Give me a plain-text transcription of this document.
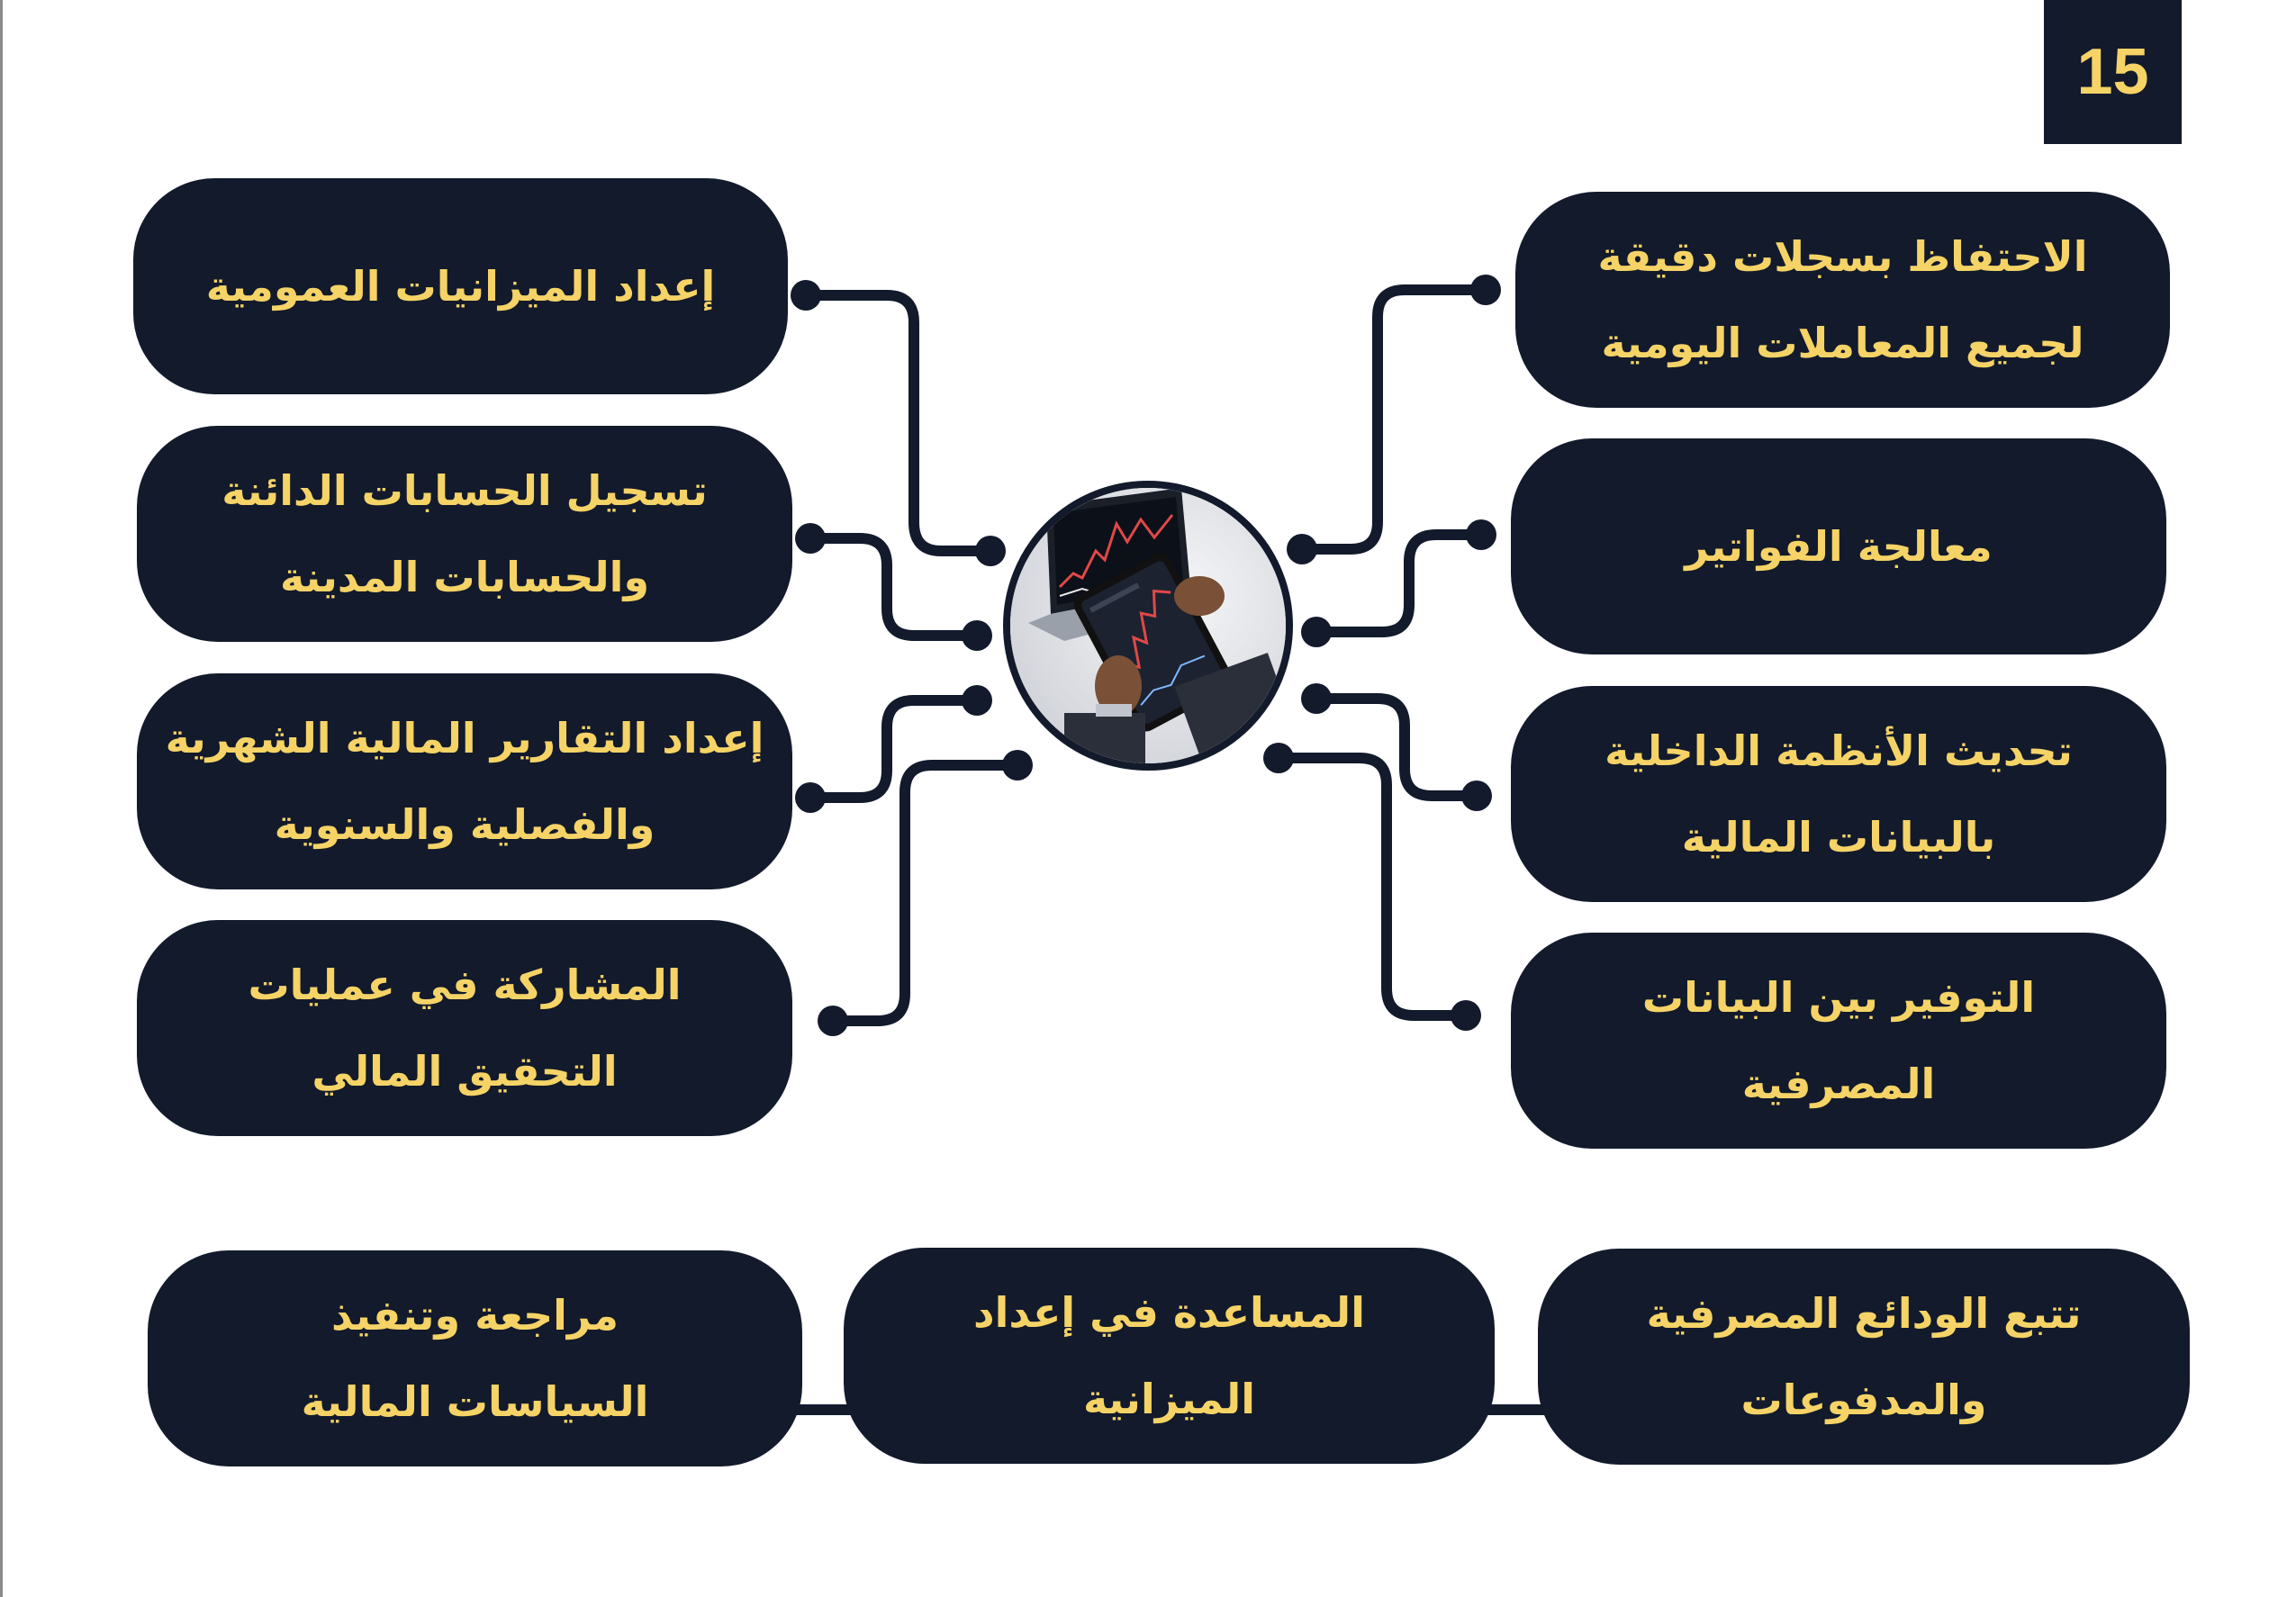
15
إعداد الميزانيات العمومية
تسجيل الحسابات الدائنة
والحسابات المدينة
إعداد التقارير المالية الشهرية
والفصلية والسنوية
المشاركة في عمليات
التحقيق المالي
الاحتفاظ بسجلات دقيقة
لجميع المعاملات اليومية
معالجة الفواتير
تحديث الأنظمة الداخلية
بالبيانات المالية
التوفير بين البيانات
المصرفية
مراجعة وتنفيذ
السياسات المالية
المساعدة في إعداد
الميزانية
تتبع الودائع المصرفية
والمدفوعات
